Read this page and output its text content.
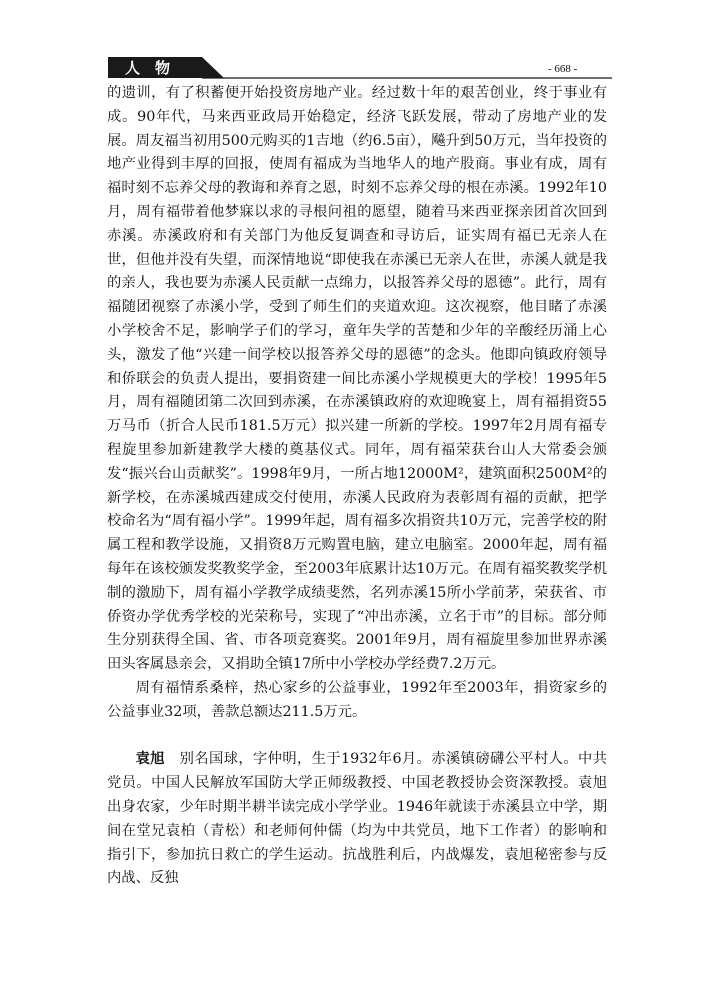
人　物	- 668 -

的遗训，有了积蓄便开始投资房地产业。经过数十年的艰苦创业，终于事业有成。90年代，马来西亚政局开始稳定，经济飞跃发展，带动了房地产业的发展。周友福当初用500元购买的1吉地（约6.5亩），飚升到50万元，当年投资的地产业得到丰厚的回报，使周有福成为当地华人的地产股商。事业有成，周有福时刻不忘养父母的教诲和养育之恩，时刻不忘养父母的根在赤溪。1992年10月，周有福带着他梦寐以求的寻根问祖的愿望，随着马来西亚探亲团首次回到赤溪。赤溪政府和有关部门为他反复调查和寻访后，证实周有福已无亲人在世，但他并没有失望，而深情地说“即使我在赤溪已无亲人在世，赤溪人就是我的亲人，我也要为赤溪人民贡献一点绵力，以报答养父母的恩德”。此行，周有福随团视察了赤溪小学，受到了师生们的夹道欢迎。这次视察，他目睹了赤溪小学校舍不足，影响学子们的学习，童年失学的苦楚和少年的辛酸经历涌上心头，激发了他“兴建一间学校以报答养父母的恩德”的念头。他即向镇政府领导和侨联会的负责人提出，要捐资建一间比赤溪小学规模更大的学校！1995年5月，周有福随团第二次回到赤溪，在赤溪镇政府的欢迎晚宴上，周有福捐资55万马币（折合人民币181.5万元）拟兴建一所新的学校。1997年2月周有福专程旋里参加新建教学大楼的奠基仪式。同年，周有福荣获台山人大常委会颁发“振兴台山贡献奖”。1998年9月，一所占地12000M²，建筑面积2500M²的新学校，在赤溪城西建成交付使用，赤溪人民政府为表彰周有福的贡献，把学校命名为“周有福小学”。1999年起，周有福多次捐资共10万元，完善学校的附属工程和教学设施，又捐资8万元购置电脑，建立电脑室。2000年起，周有福每年在该校颁发奖教奖学金，至2003年底累计达10万元。在周有福奖教奖学机制的激励下，周有福小学教学成绩斐然，名列赤溪15所小学前茅，荣获省、市侨资办学优秀学校的光荣称号，实现了“冲出赤溪，立名于市”的目标。部分师生分别获得全国、省、市各项竞赛奖。2001年9月，周有福旋里参加世界赤溪田头客属恳亲会，又捐助全镇17所中小学校办学经费7.2万元。

周有福情系桑梓，热心家乡的公益事业，1992年至2003年，捐资家乡的公益事业32项，善款总额达211.5万元。

袁旭　别名国球，字仲明，生于1932年6月。赤溪镇磅礴公平村人。中共党员。中国人民解放军国防大学正师级教授、中国老教授协会资深教授。袁旭出身农家，少年时期半耕半读完成小学学业。1946年就读于赤溪县立中学，期间在堂兄袁柏（青松）和老师何仲儒（均为中共党员，地下工作者）的影响和指引下，参加抗日救亡的学生运动。抗战胜利后，内战爆发，袁旭秘密参与反内战、反独
